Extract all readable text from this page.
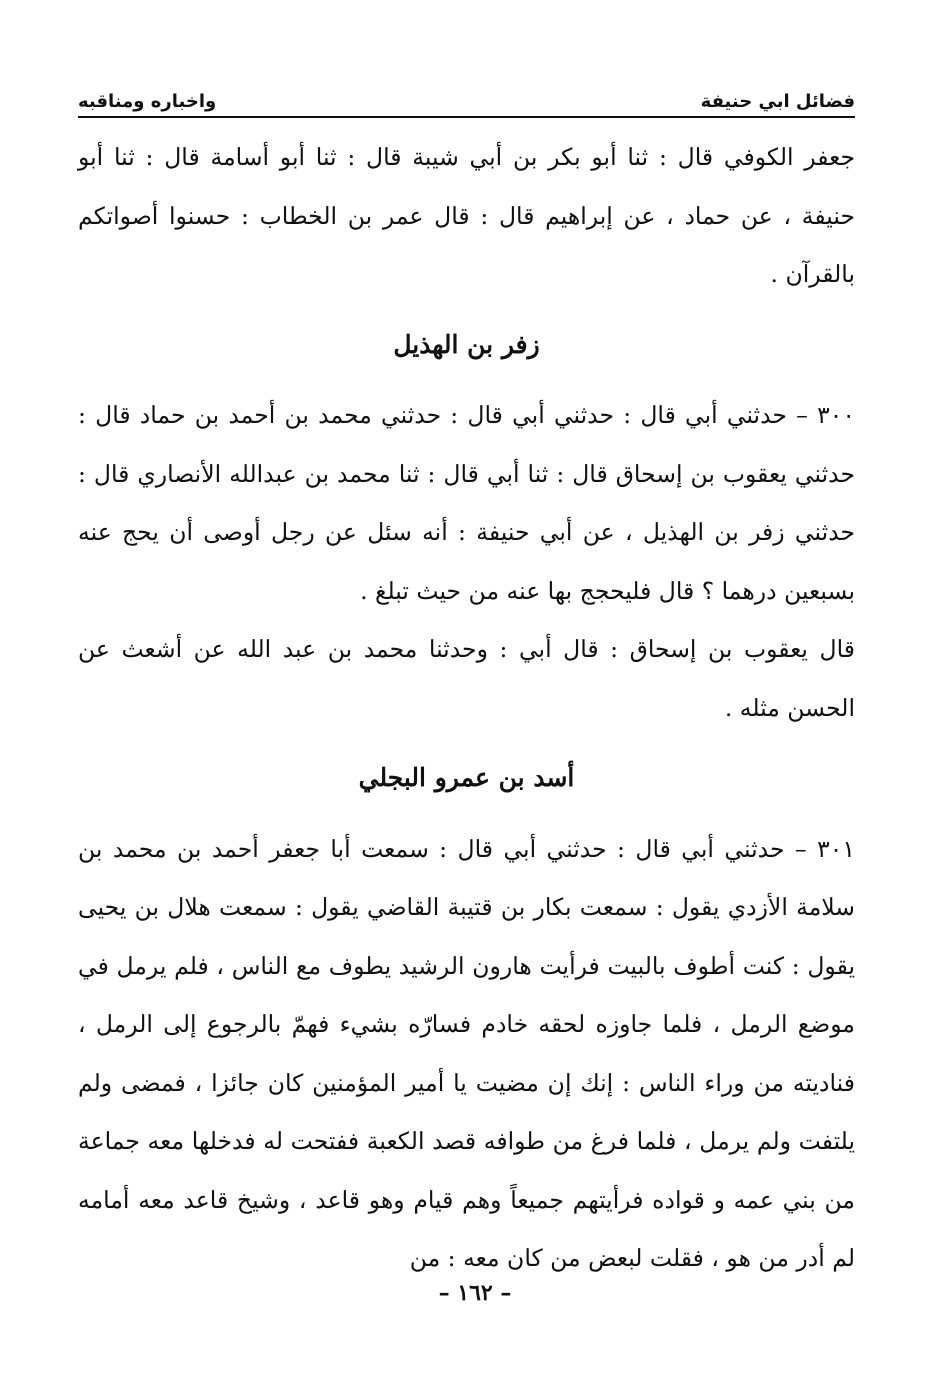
فضائل ابي حنيفة
واخباره ومناقبه

جعفر الكوفي قال : ثنا أبو بكر بن أبي شيبة قال : ثنا أبو أسامة قال : ثنا أبو حنيفة ، عن حماد ، عن إبراهيم قال : قال عمر بن الخطاب : حسنوا أصواتكم بالقرآن .

زفر بن الهذيل

٣٠٠ – حدثني أبي قال : حدثني أبي قال : حدثني محمد بن أحمد بن حماد قال : حدثني يعقوب بن إسحاق قال : ثنا أبي قال : ثنا محمد بن عبدالله الأنصاري قال : حدثني زفر بن الهذيل ، عن أبي حنيفة : أنه سئل عن رجل أوصى أن يحج عنه بسبعين درهما ؟ قال فليحجج بها عنه من حيث تبلغ .

قال يعقوب بن إسحاق : قال أبي : وحدثنا محمد بن عبد الله عن أشعث عن الحسن مثله .

أسد بن عمرو البجلي

٣٠١ – حدثني أبي قال : حدثني أبي قال : سمعت أبا جعفر أحمد بن محمد بن سلامة الأزدي يقول : سمعت بكار بن قتيبة القاضي يقول : سمعت هلال بن يحيى يقول : كنت أطوف بالبيت فرأيت هارون الرشيد يطوف مع الناس ، فلم يرمل في موضع الرمل ، فلما جاوزه لحقه خادم فسارّه بشيء فهمّ بالرجوع إلى الرمل ، فناديته من وراء الناس : إنك إن مضيت يا أمير المؤمنين كان جائزا ، فمضى ولم يلتفت ولم يرمل ، فلما فرغ من طوافه قصد الكعبة ففتحت له فدخلها معه جماعة من بني عمه و قواده فرأيتهم جميعاً وهم قيام وهو قاعد ، وشيخ قاعد معه أمامه لم أدر من هو ، فقلت لبعض من كان معه : من

– ١٦٢ –
